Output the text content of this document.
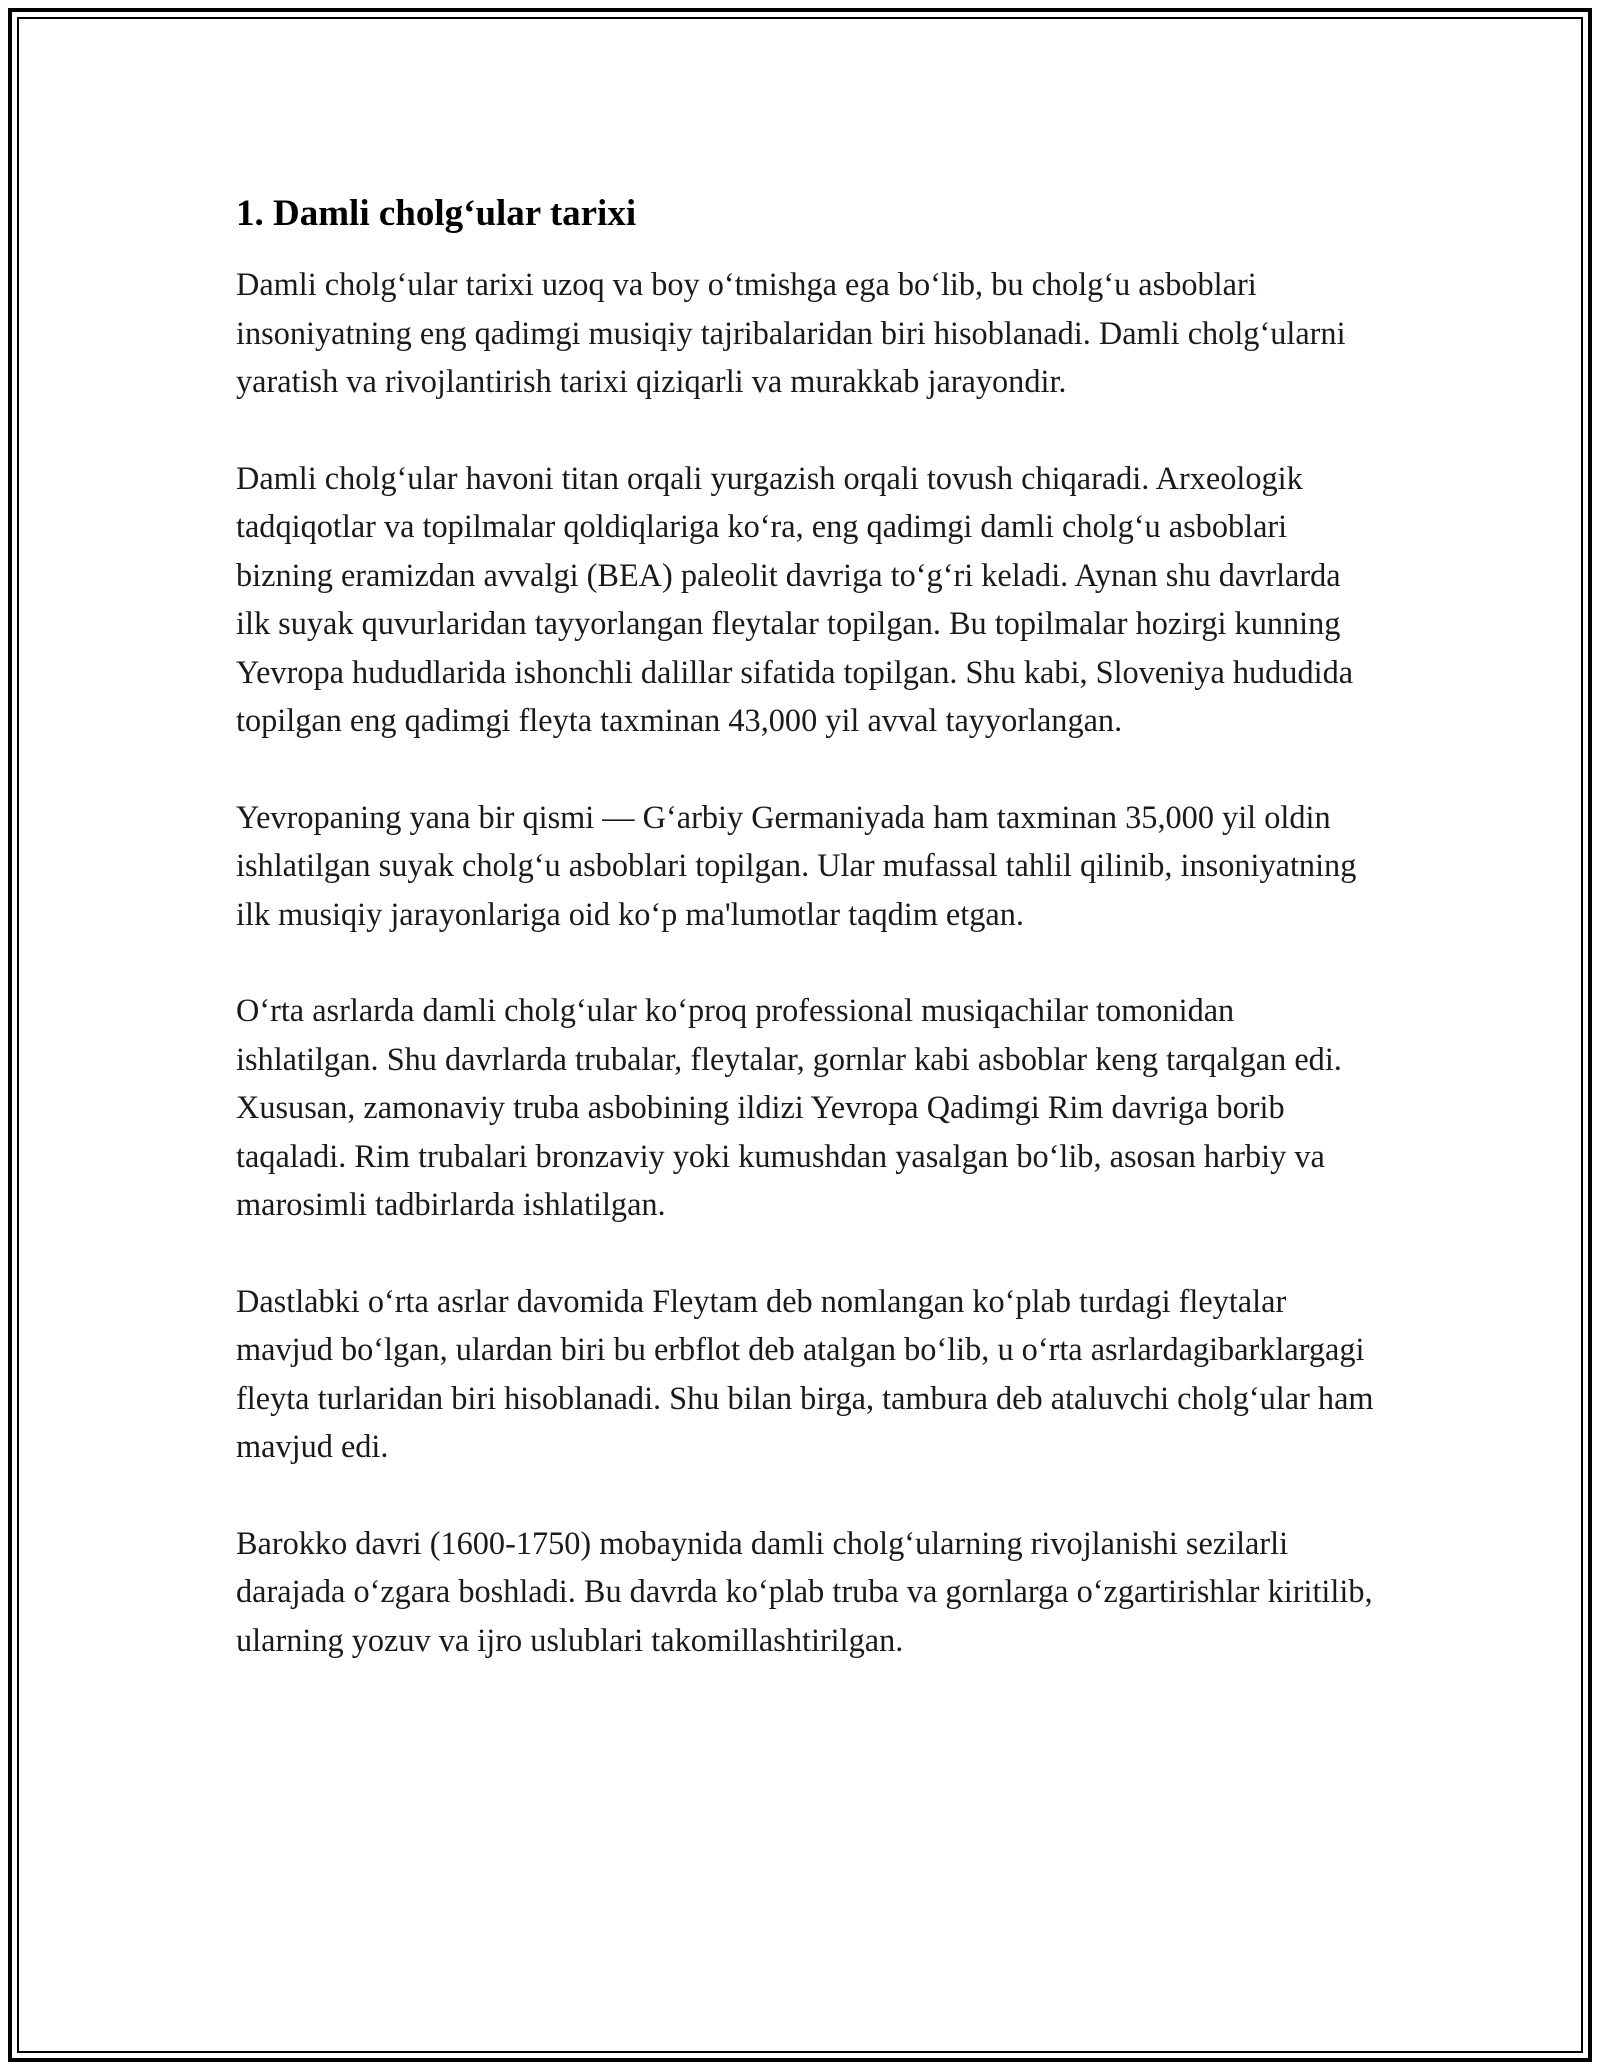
1. Damli cholg‘ular tarixi

Damli cholg‘ular tarixi uzoq va boy o‘tmishga ega bo‘lib, bu cholg‘u asboblari insoniyatning eng qadimgi musiqiy tajribalaridan biri hisoblanadi. Damli cholg‘ularni yaratish va rivojlantirish tarixi qiziqarli va murakkab jarayondir.

Damli cholg‘ular havoni titan orqali yurgazish orqali tovush chiqaradi. Arxeologik tadqiqotlar va topilmalar qoldiqlariga ko‘ra, eng qadimgi damli cholg‘u asboblari bizning eramizdan avvalgi (BEA) paleolit davriga to‘g‘ri keladi. Aynan shu davrlarda ilk suyak quvurlaridan tayyorlangan fleytalar topilgan. Bu topilmalar hozirgi kunning Yevropa hududlarida ishonchli dalillar sifatida topilgan. Shu kabi, Sloveniya hududida topilgan eng qadimgi fleyta taxminan 43,000 yil avval tayyorlangan.

Yevropaning yana bir qismi — G‘arbiy Germaniyada ham taxminan 35,000 yil oldin ishlatilgan suyak cholg‘u asboblari topilgan. Ular mufassal tahlil qilinib, insoniyatning ilk musiqiy jarayonlariga oid ko‘p ma'lumotlar taqdim etgan.

O‘rta asrlarda damli cholg‘ular ko‘proq professional musiqachilar tomonidan ishlatilgan. Shu davrlarda trubalar, fleytalar, gornlar kabi asboblar keng tarqalgan edi. Xususan, zamonaviy truba asbobining ildizi Yevropa Qadimgi Rim davriga borib taqaladi. Rim trubalari bronzaviy yoki kumushdan yasalgan bo‘lib, asosan harbiy va marosimli tadbirlarda ishlatilgan.

Dastlabki o‘rta asrlar davomida Fleytam deb nomlangan ko‘plab turdagi fleytalar mavjud bo‘lgan, ulardan biri bu erbflot deb atalgan bo‘lib, u o‘rta asrlardagibarklargagi fleyta turlaridan biri hisoblanadi. Shu bilan birga, tambura deb ataluvchi cholg‘ular ham mavjud edi.

Barokko davri (1600-1750) mobaynida damli cholg‘ularning rivojlanishi sezilarli darajada o‘zgara boshladi. Bu davrda ko‘plab truba va gornlarga o‘zgartirishlar kiritilib, ularning yozuv va ijro uslublari takomillashtirilgan.
